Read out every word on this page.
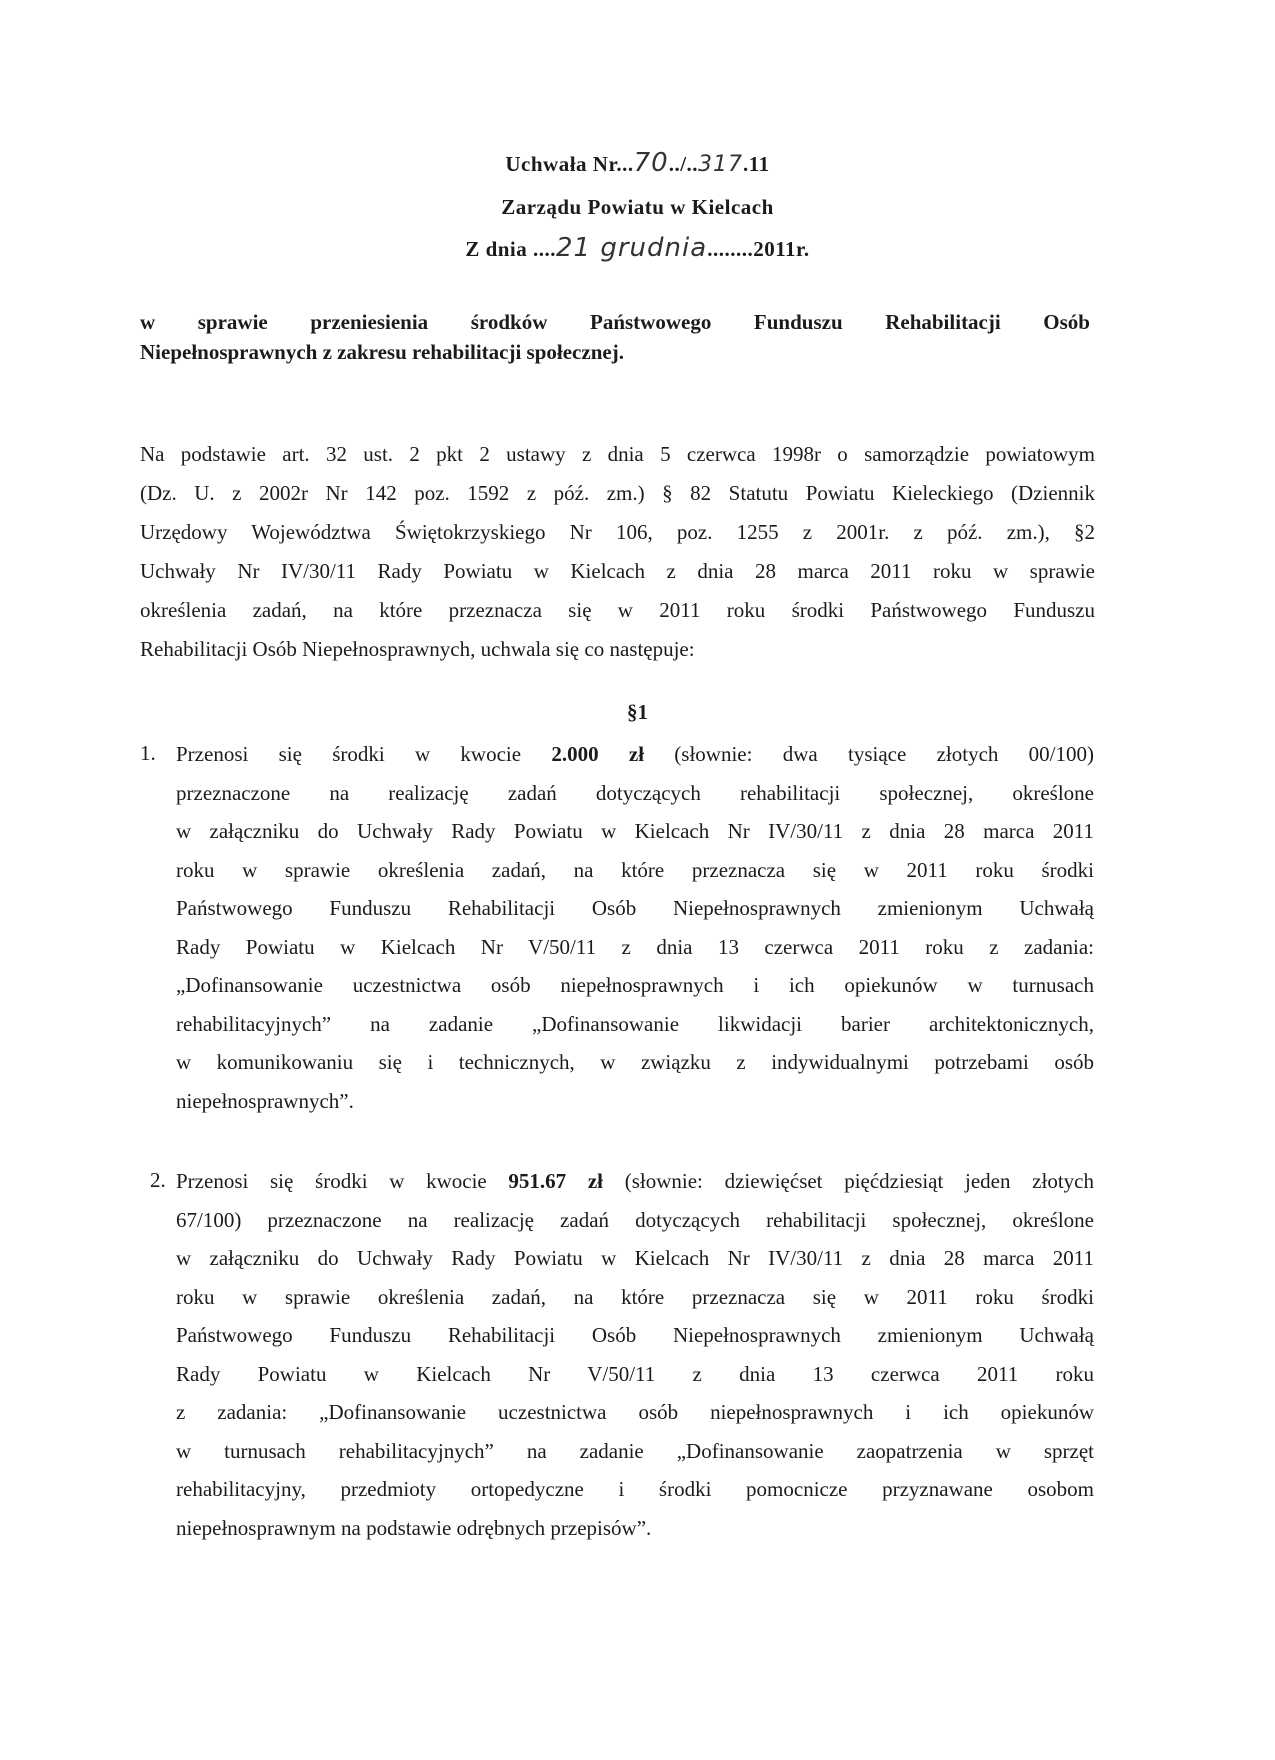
Uchwała Nr...70../..317.11
Zarządu Powiatu w Kielcach
Z dnia ....21 grudnia........2011r.
w sprawie przeniesienia środków Państwowego Funduszu Rehabilitacji Osób
Niepełnosprawnych z zakresu rehabilitacji społecznej.
Na podstawie art. 32 ust. 2 pkt 2 ustawy z dnia 5 czerwca 1998r o samorządzie powiatowym
(Dz. U. z 2002r Nr 142 poz. 1592 z póź. zm.) § 82 Statutu Powiatu Kieleckiego (Dziennik
Urzędowy Województwa Świętokrzyskiego Nr 106, poz. 1255 z 2001r. z póź. zm.), §2
Uchwały Nr IV/30/11 Rady Powiatu w Kielcach z dnia 28 marca 2011 roku w sprawie
określenia zadań, na które przeznacza się w 2011 roku środki Państwowego Funduszu
Rehabilitacji Osób Niepełnosprawnych, uchwala się co następuje:
§1
1. Przenosi się środki w kwocie 2.000 zł (słownie: dwa tysiące złotych 00/100)
przeznaczone na realizację zadań dotyczących rehabilitacji społecznej, określone
w załączniku do Uchwały Rady Powiatu w Kielcach Nr IV/30/11 z dnia 28 marca 2011
roku w sprawie określenia zadań, na które przeznacza się w 2011 roku środki
Państwowego Funduszu Rehabilitacji Osób Niepełnosprawnych zmienionym Uchwałą
Rady Powiatu w Kielcach Nr V/50/11 z dnia 13 czerwca 2011 roku z zadania:
„Dofinansowanie uczestnictwa osób niepełnosprawnych i ich opiekunów w turnusach
rehabilitacyjnych” na zadanie „Dofinansowanie likwidacji barier architektonicznych,
w komunikowaniu się i technicznych, w związku z indywidualnymi potrzebami osób
niepełnosprawnych”.
2. Przenosi się środki w kwocie 951.67 zł (słownie: dziewięćset pięćdziesiąt jeden złotych
67/100) przeznaczone na realizację zadań dotyczących rehabilitacji społecznej, określone
w załączniku do Uchwały Rady Powiatu w Kielcach Nr IV/30/11 z dnia 28 marca 2011
roku w sprawie określenia zadań, na które przeznacza się w 2011 roku środki
Państwowego Funduszu Rehabilitacji Osób Niepełnosprawnych zmienionym Uchwałą
Rady Powiatu w Kielcach Nr V/50/11 z dnia 13 czerwca 2011 roku
z zadania: „Dofinansowanie uczestnictwa osób niepełnosprawnych i ich opiekunów
w turnusach rehabilitacyjnych” na zadanie „Dofinansowanie zaopatrzenia w sprzęt
rehabilitacyjny, przedmioty ortopedyczne i środki pomocnicze przyznawane osobom
niepełnosprawnym na podstawie odrębnych przepisów”.
